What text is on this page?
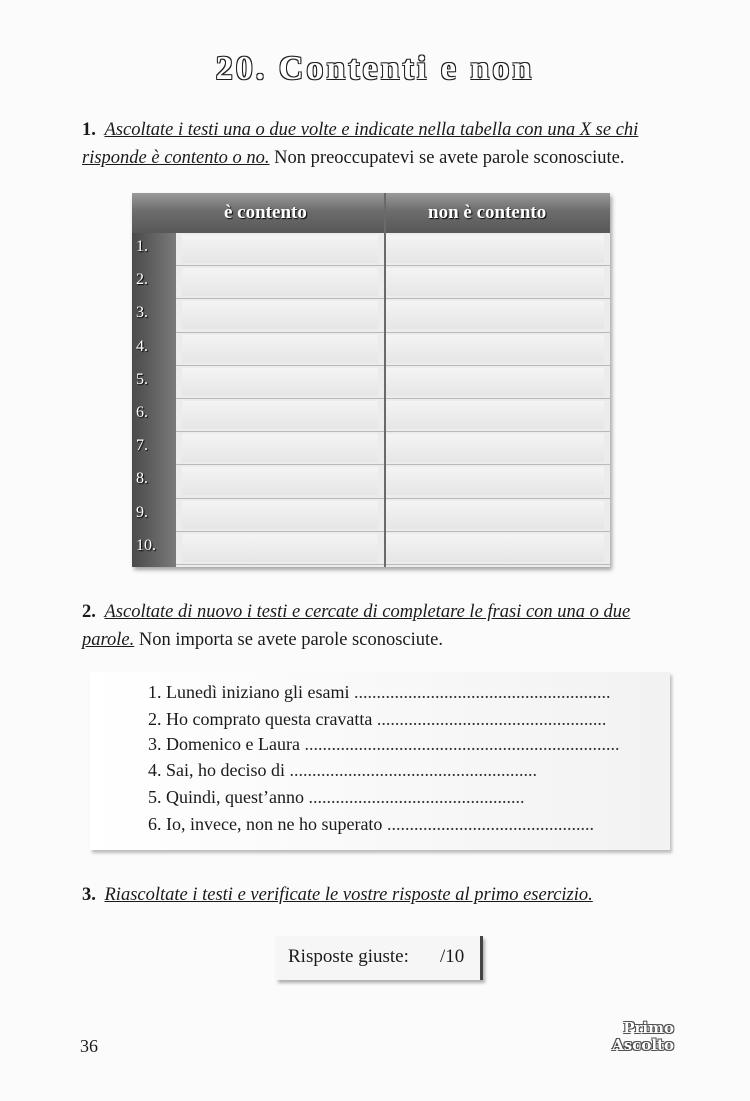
20. Contenti e non
1. Ascoltate i testi una o due volte e indicate nella tabella con una X se chi risponde è contento o no. Non preoccupatevi se avete parole sconosciute.
è contento	non è contento
1.
2.
3.
4.
5.
6.
7.
8.
9.
10.
2. Ascoltate di nuovo i testi e cercate di completare le frasi con una o due parole. Non importa se avete parole sconosciute.
1. Lunedì iniziano gli esami .........................................................
2. Ho comprato questa cravatta ...................................................
3. Domenico e Laura ......................................................................
4. Sai, ho deciso di .......................................................
5. Quindi, quest’anno ................................................
6. Io, invece, non ne ho superato ..............................................
3. Riascoltate i testi e verificate le vostre risposte al primo esercizio.
Risposte giuste: /10
36
Primo
Ascolto
